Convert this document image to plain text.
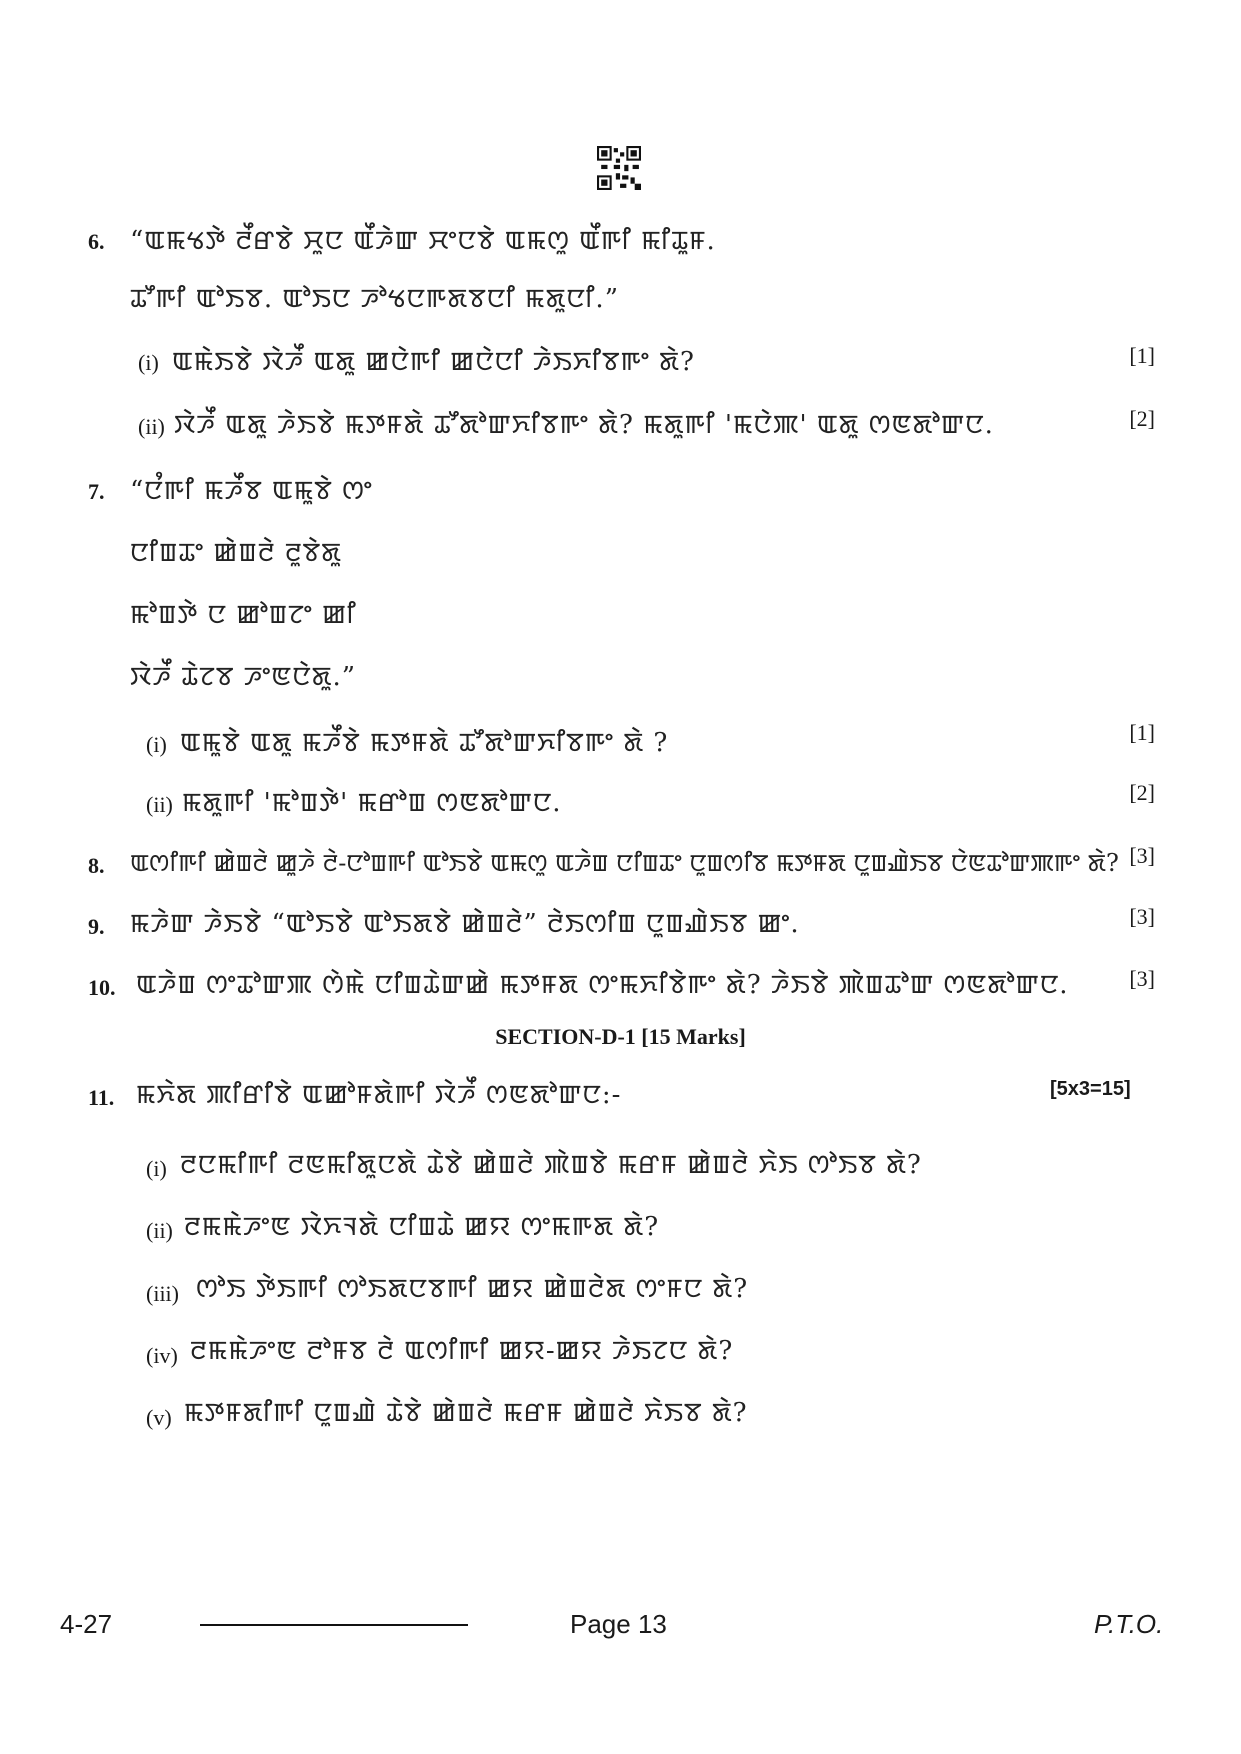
6. “ꯑꯃꯠꯇꯥ ꯂꯩꯔꯕꯥ ꯆꯨꯅ ꯑꯩꯍꯥꯛ ꯆꯦꯅꯕꯥ ꯑꯃꯁꯨ ꯑꯩꯒꯤ ꯃꯤꯊꯨꯝ.
ꯊꯧꯒꯤ ꯑꯣꯏꯕ. ꯑꯣꯏꯅ ꯍꯣꯠꯅꯒꯗꯕꯅꯤ ꯃꯗꯨꯅꯤ.”
(i) ꯑꯃꯥꯏꯕꯥ ꯋꯥꯍꯩ ꯑꯗꯨ ꯀꯅꯥꯒꯤ ꯀꯅꯥꯅꯤ ꯍꯥꯏꯈꯤꯕꯒꯦ ꯗꯥ?	[1]
(ii) ꯋꯥꯍꯩ ꯑꯗꯨ ꯍꯥꯏꯕꯥ ꯃꯇꯝꯗꯥ ꯊꯧꯗꯣꯛꯈꯤꯕꯒꯦ ꯗꯥ? ꯃꯗꯨꯒꯤ 'ꯃꯅꯥꯄ' ꯑꯗꯨ ꯁꯟꯗꯣꯛꯅ.	[2]
7. “ꯅꯪꯒꯤ ꯃꯍꯩꯕ ꯑꯃꯨꯕꯥ ꯁꯦ
ꯅꯤꯡꯊꯦ ꯀꯥꯡꯂꯥ ꯂꯨꯕꯥꯗꯨ
ꯃꯣꯡꯇꯥ ꯅ ꯀꯣꯡꯖꯦ ꯀꯤ
ꯋꯥꯍꯩ ꯊꯥꯖꯕ ꯍꯦꯟꯅꯥꯗꯨ.”
(i) ꯑꯃꯨꯕꯥ ꯑꯗꯨ ꯃꯍꯩꯕꯥ ꯃꯇꯝꯗꯥ ꯊꯧꯗꯣꯛꯈꯤꯕꯒꯦ ꯗꯥ ?	[1]
(ii) ꯃꯗꯨꯒꯤ 'ꯃꯣꯡꯇꯥ' ꯃꯔꯣꯡ ꯁꯟꯗꯣꯛꯅ.	[2]
8. ꯑꯁꯤꯒꯤ ꯀꯥꯡꯂꯥ ꯀꯨꯍꯥ ꯂꯥ-ꯅꯣꯡꯒꯤ ꯑꯣꯏꯕꯥ ꯑꯃꯁꯨ ꯑꯍꯥꯡ ꯅꯤꯡꯊꯦ ꯅꯨꯡꯁꯤꯕ ꯃꯇꯝꯗ ꯅꯨꯡꯉꯥꯏꯕ ꯅꯥꯟꯊꯣꯛꯄꯒꯦ ꯗꯥ? [3]
9. ꯃꯍꯥꯛ ꯍꯥꯏꯕꯥ “ꯑꯣꯏꯕꯥ ꯑꯣꯏꯗꯕꯥ ꯀꯥꯡꯂꯥ” ꯂꯥꯏꯁꯤꯡ ꯅꯨꯡꯉꯥꯏꯕ ꯀꯦ.	[3]
10. ꯑꯍꯥꯡ ꯁꯦꯊꯣꯛꯄ ꯁꯥꯃꯥ ꯅꯤꯡꯊꯥꯛꯀꯥ ꯃꯇꯝꯗ ꯁꯦꯃꯈꯤꯕꯥꯒꯦ ꯗꯥ? ꯍꯥꯏꯕꯥ ꯄꯥꯡꯊꯣꯛ ꯁꯟꯗꯣꯛꯅ.	[3]
SECTION-D-1 [15 Marks]
11. ꯃꯈꯥꯗ ꯄꯤꯔꯤꯕꯥ ꯑꯀꯣꯝꯗꯥꯒꯤ ꯋꯥꯍꯩ ꯁꯟꯗꯣꯛꯅ:-	[5x3=15]
(i) ꯂꯅꯃꯤꯒꯤ ꯂꯟꯃꯤꯗꯨꯅꯗꯥ ꯊꯥꯕꯥ ꯀꯥꯡꯂꯥ ꯄꯥꯡꯕꯥ ꯃꯔꯝ ꯀꯥꯡꯂꯥ ꯈꯥꯏ ꯁꯣꯏꯕ ꯗꯥ?
(ii) ꯂꯃꯃꯥꯍꯦꯟ ꯋꯥꯈꯜꯗꯥ ꯅꯤꯡꯊꯥ ꯀꯌ ꯁꯦꯃꯒꯗ ꯗꯥ?
(iii) ꯁꯣꯏ ꯇꯥꯏꯒꯤ ꯁꯣꯏꯗꯅꯕꯒꯤ ꯀꯌ ꯀꯥꯡꯂꯥꯗ ꯁꯦꯝꯅ ꯗꯥ?
(iv) ꯂꯃꯃꯥꯍꯦꯟ ꯂꯣꯝꯕ ꯂꯥ ꯑꯁꯤꯒꯤ ꯀꯌ-ꯀꯌ ꯍꯥꯏꯖꯅ ꯗꯥ?
(v) ꯃꯇꯝꯗꯤꯒꯤ ꯅꯨꯡꯉꯥ ꯊꯥꯕꯥ ꯀꯥꯡꯂꯥ ꯃꯔꯝ ꯀꯥꯡꯂꯥ ꯈꯥꯏꯕ ꯗꯥ?
4-27	Page 13	P.T.O.
